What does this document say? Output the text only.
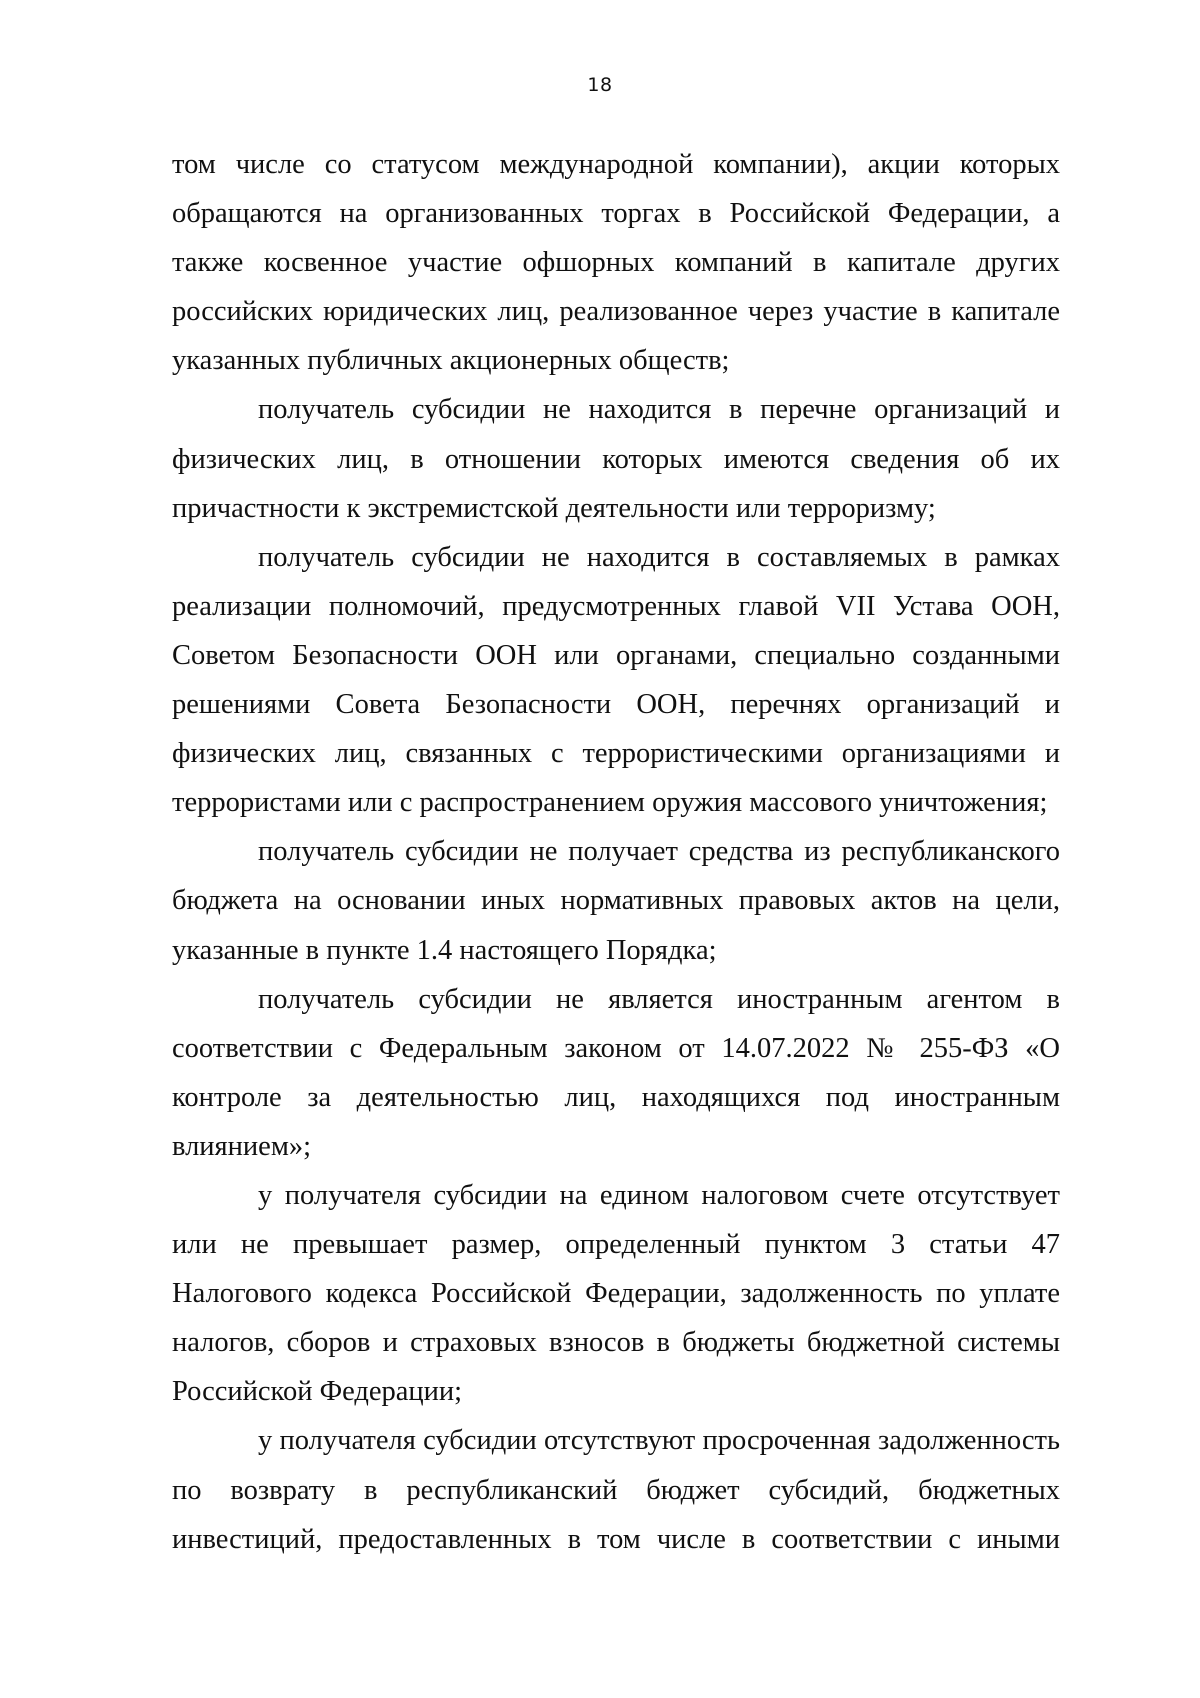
18

том числе со статусом международной компании), акции которых обращаются на организованных торгах в Российской Федерации, а также косвенное участие офшорных компаний в капитале других российских юридических лиц, реализованное через участие в капитале указанных публичных акционерных обществ;

получатель субсидии не находится в перечне организаций и физических лиц, в отношении которых имеются сведения об их причастности к экстремистской деятельности или терроризму;

получатель субсидии не находится в составляемых в рамках реализации полномочий, предусмотренных главой VII Устава ООН, Советом Безопасности ООН или органами, специально созданными решениями Совета Безопасности ООН, перечнях организаций и физических лиц, связанных с террористическими организациями и террористами или с распространением оружия массового уничтожения;

получатель субсидии не получает средства из республиканского бюджета на основании иных нормативных правовых актов на цели, указанные в пункте 1.4 настоящего Порядка;

получатель субсидии не является иностранным агентом в соответствии с Федеральным законом от 14.07.2022 № 255-ФЗ «О контроле за деятельностью лиц, находящихся под иностранным влиянием»;

у получателя субсидии на едином налоговом счете отсутствует или не превышает размер, определенный пунктом 3 статьи 47 Налогового кодекса Российской Федерации, задолженность по уплате налогов, сборов и страховых взносов в бюджеты бюджетной системы Российской Федерации;

у получателя субсидии отсутствуют просроченная задолженность по возврату в республиканский бюджет субсидий, бюджетных инвестиций, предоставленных в том числе в соответствии с иными
